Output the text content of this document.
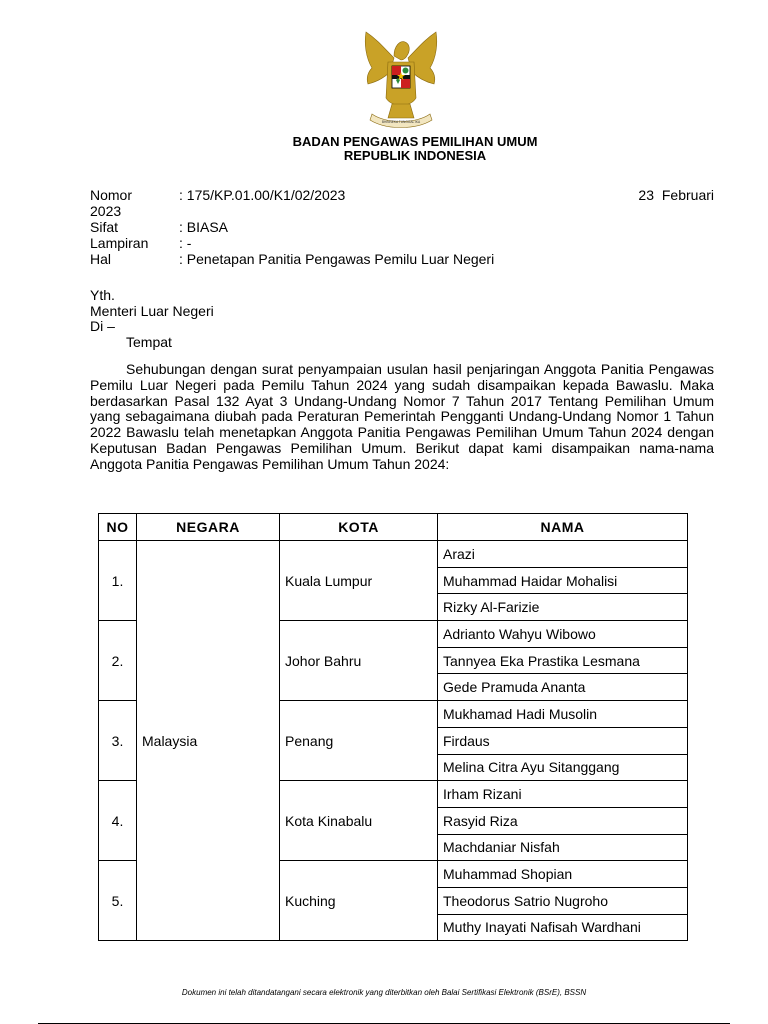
BHINNEKA TUNGGAL IKA
BADAN PENGAWAS PEMILIHAN UMUM
REPUBLIK INDONESIA
Nomor	: 175/KP.01.00/K1/02/2023	23 Februari
2023
Sifat	: BIASA
Lampiran : -
Hal	: Penetapan Panitia Pengawas Pemilu Luar Negeri
Yth.
Menteri Luar Negeri
Di –
Tempat

Sehubungan dengan surat penyampaian usulan hasil penjaringan Anggota Panitia Pengawas Pemilu Luar Negeri pada Pemilu Tahun 2024 yang sudah disampaikan kepada Bawaslu. Maka berdasarkan Pasal 132 Ayat 3 Undang-Undang Nomor 7 Tahun 2017 Tentang Pemilihan Umum yang sebagaimana diubah pada Peraturan Pemerintah Pengganti Undang-Undang Nomor 1 Tahun 2022 Bawaslu telah menetapkan Anggota Panitia Pengawas Pemilihan Umum Tahun 2024 dengan Keputusan Badan Pengawas Pemilihan Umum. Berikut dapat kami disampaikan nama-nama Anggota Panitia Pengawas Pemilihan Umum Tahun 2024:

NO	NEGARA	KOTA	NAMA
1.	Malaysia	Kuala Lumpur	Arazi
			Muhammad Haidar Mohalisi
			Rizky Al-Farizie
2.		Johor Bahru	Adrianto Wahyu Wibowo
			Tannyea Eka Prastika Lesmana
			Gede Pramuda Ananta
3.		Penang	Mukhamad Hadi Musolin
			Firdaus
			Melina Citra Ayu Sitanggang
4.		Kota Kinabalu	Irham Rizani
			Rasyid Riza
			Machdaniar Nisfah
5.		Kuching	Muhammad Shopian
			Theodorus Satrio Nugroho
			Muthy Inayati Nafisah Wardhani
Dokumen ini telah ditandatangani secara elektronik yang diterbitkan oleh Balai Sertifikasi Elektronik (BSrE), BSSN
